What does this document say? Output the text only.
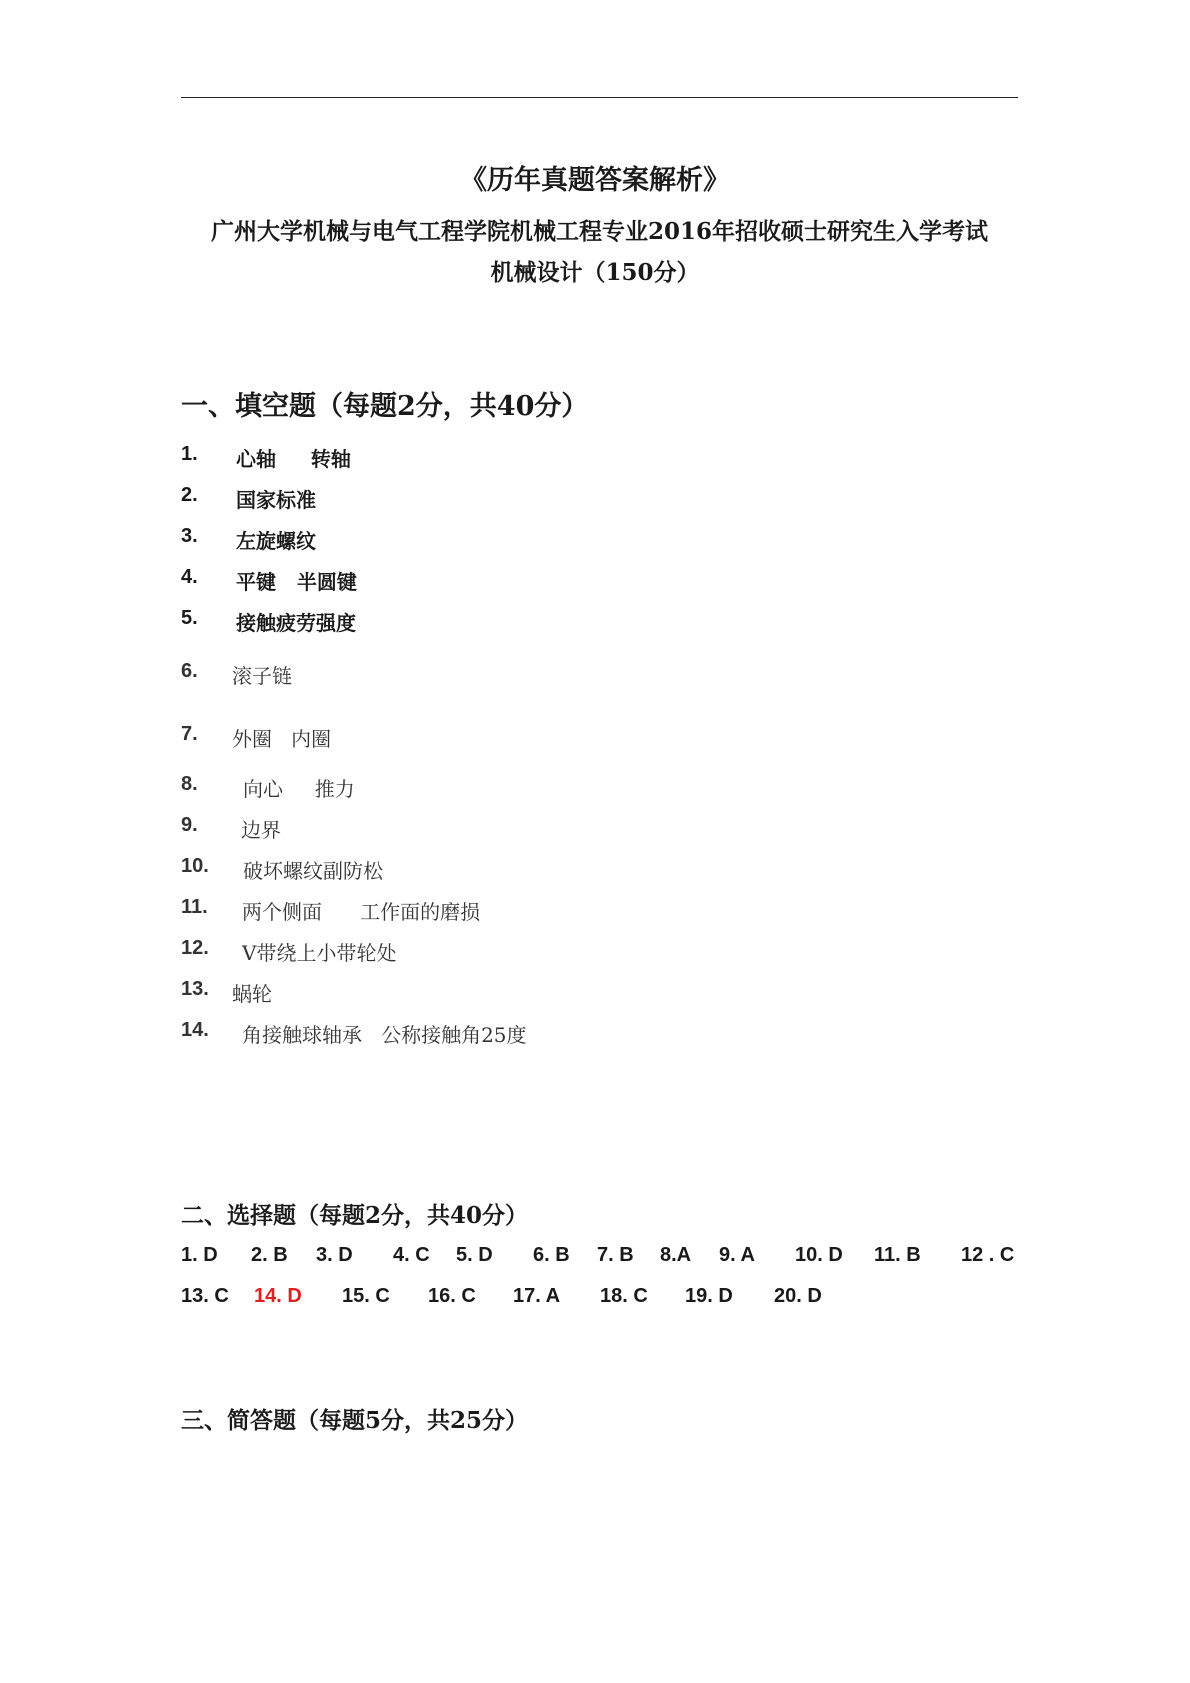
《历年真题答案解析》
广州大学机械与电气工程学院机械工程专业2016年招收硕士研究生入学考试
机械设计（150分）
一、填空题（每题2分，共40分）
1. 心轴     转轴
2. 国家标准
3. 左旋螺纹
4. 平键   半圆键
5. 接触疲劳强度
6. 滚子链
7. 外圈   内圈
8. 向心     推力
9. 边界
10. 破坏螺纹副防松
11. 两个侧面      工作面的磨损
12. V带绕上小带轮处
13. 蜗轮
14. 角接触球轴承   公称接触角25度
二、选择题（每题2分，共40分）
1. D 2. B 3. D 4. C 5. D 6. B 7. B 8.A 9. A 10. D 11. B 12 . C
13. C 14. D 15. C 16. C 17. A 18. C 19. D 20. D
三、简答题（每题5分，共25分）
